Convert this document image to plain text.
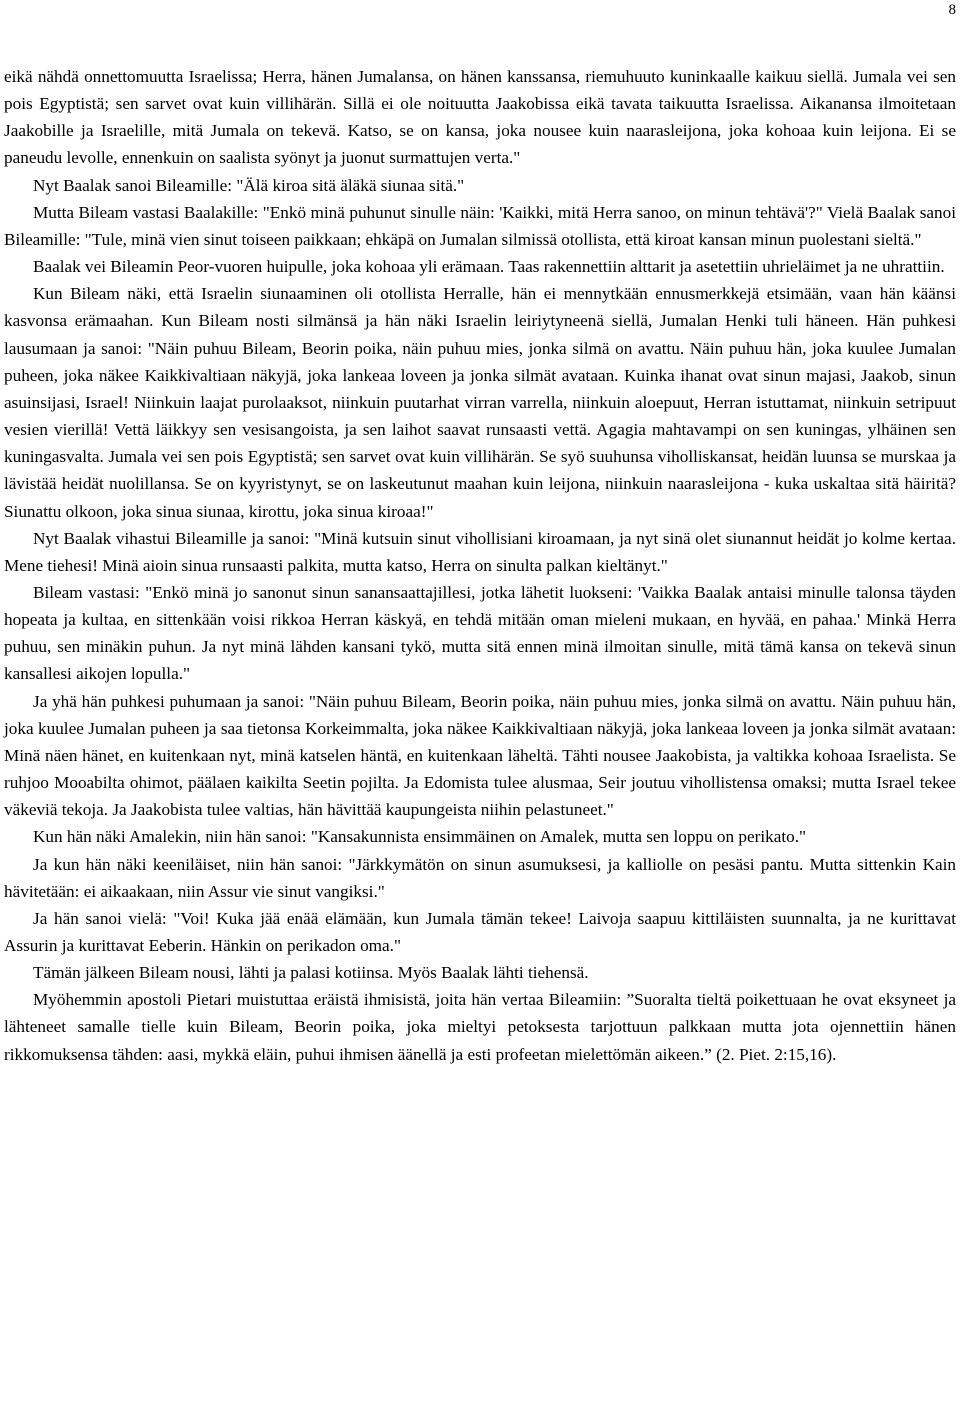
8

eikä nähdä onnettomuutta Israelissa; Herra, hänen Jumalansa, on hänen kanssansa, riemuhuuto kuninkaalle kaikuu siellä. Jumala vei sen pois Egyptistä; sen sarvet ovat kuin villihärän. Sillä ei ole noituutta Jaakobissa eikä tavata taikuutta Israelissa. Aikanansa ilmoitetaan Jaakobille ja Israelille, mitä Jumala on tekevä. Katso, se on kansa, joka nousee kuin naarasleijona, joka kohoaa kuin leijona. Ei se paneudu levolle, ennenkuin on saalista syönyt ja juonut surmattujen verta."

Nyt Baalak sanoi Bileamille: "Älä kiroa sitä äläkä siunaa sitä."

Mutta Bileam vastasi Baalakille: "Enkö minä puhunut sinulle näin: 'Kaikki, mitä Herra sanoo, on minun tehtävä'?" Vielä Baalak sanoi Bileamille: "Tule, minä vien sinut toiseen paikkaan; ehkäpä on Jumalan silmissä otollista, että kiroat kansan minun puolestani sieltä."

Baalak vei Bileamin Peor-vuoren huipulle, joka kohoaa yli erämaan. Taas rakennettiin alttarit ja asetettiin uhrieläimet ja ne uhrattiin.

Kun Bileam näki, että Israelin siunaaminen oli otollista Herralle, hän ei mennytkään ennusmerkkejä etsimään, vaan hän käänsi kasvonsa erämaahan. Kun Bileam nosti silmänsä ja hän näki Israelin leiriytyneenä siellä, Jumalan Henki tuli häneen. Hän puhkesi lausumaan ja sanoi: "Näin puhuu Bileam, Beorin poika, näin puhuu mies, jonka silmä on avattu. Näin puhuu hän, joka kuulee Jumalan puheen, joka näkee Kaikkivaltiaan näkyjä, joka lankeaa loveen ja jonka silmät avataan. Kuinka ihanat ovat sinun majasi, Jaakob, sinun asuinsijasi, Israel! Niinkuin laajat purolaaksot, niinkuin puutarhat virran varrella, niinkuin aloepuut, Herran istuttamat, niinkuin setripuut vesien vierillä! Vettä läikkyy sen vesisangoista, ja sen laihot saavat runsaasti vettä. Agagia mahtavampi on sen kuningas, ylhäinen sen kuningasvalta. Jumala vei sen pois Egyptistä; sen sarvet ovat kuin villihärän. Se syö suuhunsa viholliskansat, heidän luunsa se murskaa ja lävistää heidät nuolillansa. Se on kyyristynyt, se on laskeutunut maahan kuin leijona, niinkuin naarasleijona - kuka uskaltaa sitä häiritä? Siunattu olkoon, joka sinua siunaa, kirottu, joka sinua kiroaa!"

Nyt Baalak vihastui Bileamille ja sanoi: "Minä kutsuin sinut vihollisiani kiroamaan, ja nyt sinä olet siunannut heidät jo kolme kertaa. Mene tiehesi! Minä aioin sinua runsaasti palkita, mutta katso, Herra on sinulta palkan kieltänyt."

Bileam vastasi: "Enkö minä jo sanonut sinun sanansaattajillesi, jotka lähetit luokseni: 'Vaikka Baalak antaisi minulle talonsa täyden hopeata ja kultaa, en sittenkään voisi rikkoa Herran käskyä, en tehdä mitään oman mieleni mukaan, en hyvää, en pahaa.' Minkä Herra puhuu, sen minäkin puhun. Ja nyt minä lähden kansani tykö, mutta sitä ennen minä ilmoitan sinulle, mitä tämä kansa on tekevä sinun kansallesi aikojen lopulla."

Ja yhä hän puhkesi puhumaan ja sanoi: "Näin puhuu Bileam, Beorin poika, näin puhuu mies, jonka silmä on avattu. Näin puhuu hän, joka kuulee Jumalan puheen ja saa tietonsa Korkeimmalta, joka näkee Kaikkivaltiaan näkyjä, joka lankeaa loveen ja jonka silmät avataan: Minä näen hänet, en kuitenkaan nyt, minä katselen häntä, en kuitenkaan läheltä. Tähti nousee Jaakobista, ja valtikka kohoaa Israelista. Se ruhjoo Mooabilta ohimot, päälaen kaikilta Seetin pojilta. Ja Edomista tulee alusmaa, Seir joutuu vihollistensa omaksi; mutta Israel tekee väkeviä tekoja. Ja Jaakobista tulee valtias, hän hävittää kaupungeista niihin pelastuneet."

Kun hän näki Amalekin, niin hän sanoi: "Kansakunnista ensimmäinen on Amalek, mutta sen loppu on perikato."

Ja kun hän näki keeniläiset, niin hän sanoi: "Järkkymätön on sinun asumuksesi, ja kalliolle on pesäsi pantu. Mutta sittenkin Kain hävitetään: ei aikaakaan, niin Assur vie sinut vangiksi."

Ja hän sanoi vielä: "Voi! Kuka jää enää elämään, kun Jumala tämän tekee! Laivoja saapuu kittiläisten suunnalta, ja ne kurittavat Assurin ja kurittavat Eeberin. Hänkin on perikadon oma."

Tämän jälkeen Bileam nousi, lähti ja palasi kotiinsa. Myös Baalak lähti tiehensä.

Myöhemmin apostoli Pietari muistuttaa eräistä ihmisistä, joita hän vertaa Bileamiin: ”Suoralta tieltä poikettuaan he ovat eksyneet ja lähteneet samalle tielle kuin Bileam, Beorin poika, joka mieltyi petoksesta tarjottuun palkkaan mutta jota ojennettiin hänen rikkomuksensa tähden: aasi, mykkä eläin, puhui ihmisen äänellä ja esti profeetan mielettömän aikeen.” (2. Piet. 2:15,16).
